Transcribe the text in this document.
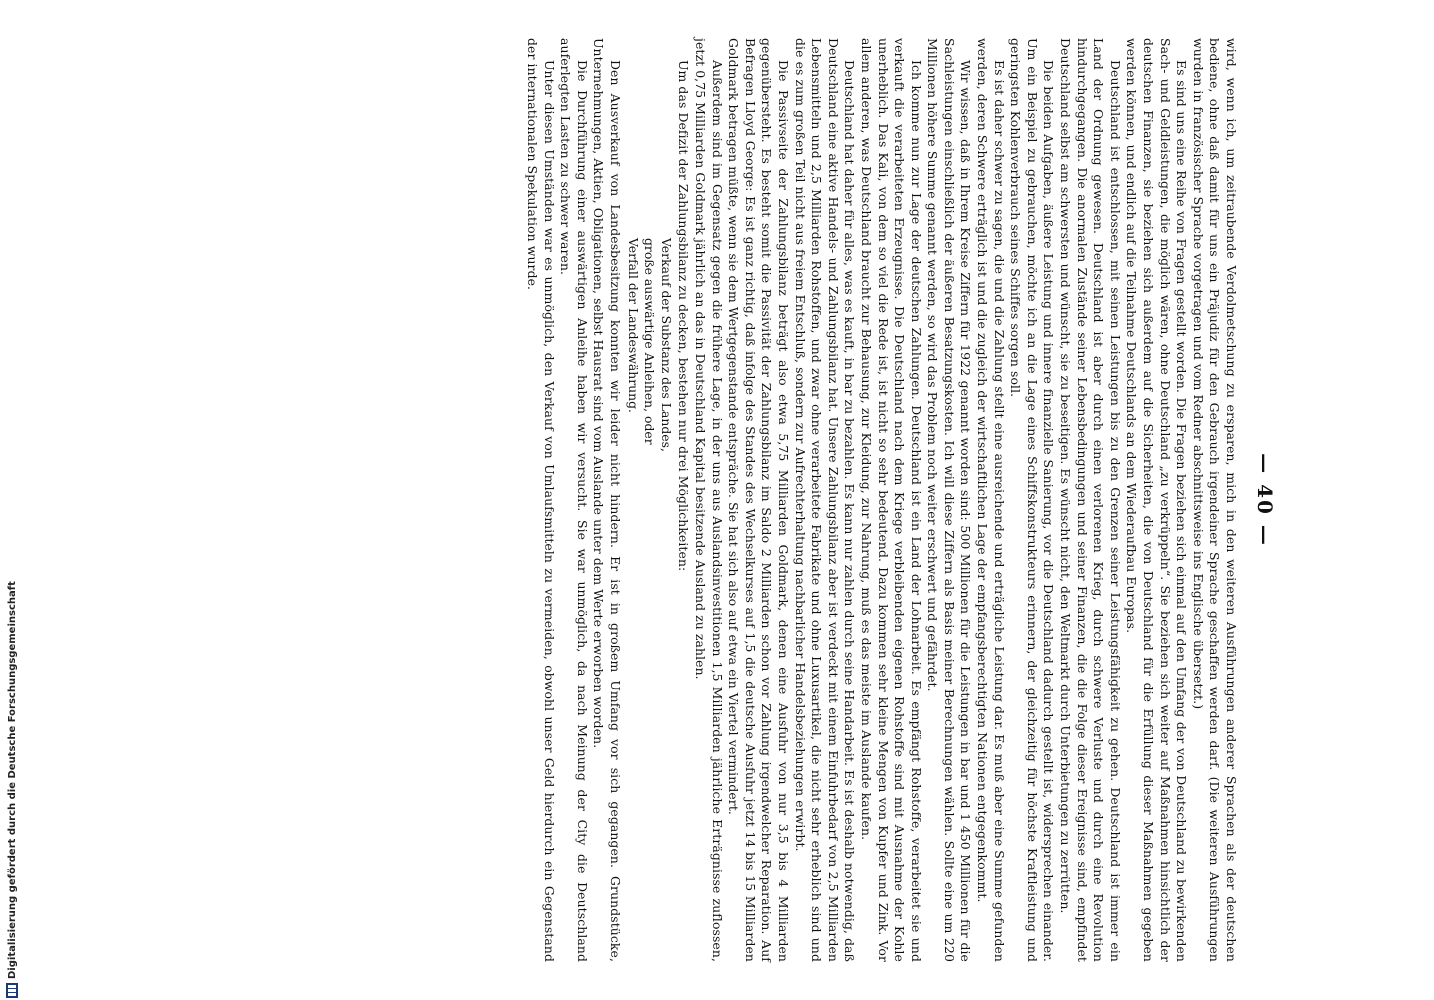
— 40 —

wird, wenn ich, um zeitraubende Verdolmetschung zu ersparen, mich in den weiteren Ausführungen anderer Sprachen als der deutschen bediene, ohne daß damit für uns ein Präjudiz für den Gebrauch irgendeiner Sprache geschaffen werden darf. (Die weiteren Ausführungen wurden in französischer Sprache vorgetragen und vom Redner abschnittsweise ins Englische übersetzt.)

Es sind uns eine Reihe von Fragen gestellt worden. Die Fragen beziehen sich einmal auf den Umfang der von Deutschland zu bewirkenden Sach- und Geldleistungen, die möglich wären, ohne Deutschland „zu verkrüppeln“. Sie beziehen sich weiter auf Maßnahmen hinsichtlich der deutschen Finanzen, sie beziehen sich außerdem auf die Sicherheiten, die von Deutschland für die Erfüllung dieser Maßnahmen gegeben werden können, und endlich auf die Teilnahme Deutschlands an dem Wiederaufbau Europas.

Deutschland ist entschlossen, mit seinen Leistungen bis zu den Grenzen seiner Leistungsfähigkeit zu gehen. Deutschland ist immer ein Land der Ordnung gewesen. Deutschland ist aber durch einen verlorenen Krieg, durch schwere Verluste und durch eine Revolution hindurchgegangen. Die anormalen Zustände seiner Lebensbedingungen und seiner Finanzen, die die Folge dieser Ereignisse sind, empfindet Deutschland selbst am schwersten und wünscht, sie zu beseitigen. Es wünscht nicht, den Weltmarkt durch Unterbietungen zu zerrütten.

Die beiden Aufgaben, äußere Leistung und innere finanzielle Sanierung, vor die Deutschland dadurch gestellt ist, widersprechen einander. Um ein Beispiel zu gebrauchen, möchte ich an die Lage eines Schiffskonstrukteurs erinnern, der gleichzeitig für höchste Kraftleistung und geringsten Kohlenverbrauch seines Schiffes sorgen soll.

Es ist daher schwer zu sagen, die und die Zahlung stellt eine ausreichende und erträgliche Leistung dar. Es muß aber eine Summe gefunden werden, deren Schwere erträglich ist und die zugleich der wirtschaftlichen Lage der empfangsberechtigten Nationen entgegenkommt.

Wir wissen, daß in Ihrem Kreise Ziffern für 1922 genannt worden sind: 500 Millionen für die Leistungen in bar und 1 450 Millionen für die Sachleistungen einschließlich der äußeren Besatzungskosten. Ich will diese Ziffern als Basis meiner Berechnungen wählen. Sollte eine um 220 Millionen höhere Summe genannt werden, so wird das Problem noch weiter erschwert und gefährdet.

Ich komme nun zur Lage der deutschen Zahlungen. Deutschland ist ein Land der Lohnarbeit. Es empfängt Rohstoffe, verarbeitet sie und verkauft die verarbeiteten Erzeugnisse. Die Deutschland nach dem Kriege verbleibenden eigenen Rohstoffe sind mit Ausnahme der Kohle unerheblich. Das Kali, von dem so viel die Rede ist, ist nicht so sehr bedeutend. Dazu kommen sehr kleine Mengen von Kupfer und Zink. Vor allem anderen, was Deutschland braucht zur Behausung, zur Kleidung, zur Nahrung, muß es das meiste im Auslande kaufen.

Deutschland hat daher für alles, was es kauft, in bar zu bezahlen. Es kann nur zahlen durch seine Handarbeit. Es ist deshalb notwendig, daß Deutschland eine aktive Handels- und Zahlungsbilanz hat. Unsere Zahlungsbilanz aber ist verdeckt mit einem Einfuhrbedarf von 2,5 Milliarden Lebensmitteln und 2,5 Milliarden Rohstoffen, und zwar ohne verarbeitete Fabrikate und ohne Luxusartikel, die nicht sehr erheblich sind und die es zum großen Teil nicht aus freiem Entschluß, sondern zur Aufrechterhaltung nachbarlicher Handelsbeziehungen erwirbt.

Die Passivseite der Zahlungsbilanz beträgt also etwa 5,75 Milliarden Goldmark, denen eine Ausfuhr von nur 3,5 bis 4 Milliarden gegenübersteht. Es besteht somit die Passivität der Zahlungsbilanz im Saldo 2 Milliarden schon vor Zahlung irgendwelcher Reparation. Auf Befragen Lloyd George: Es ist ganz richtig, daß infolge des Standes des Wechselkurses auf 1,5 die deutsche Ausfuhr jetzt 14 bis 15 Milliarden Goldmark betragen müßte, wenn sie dem Wertgegenstande entspräche. Sie hat sich also auf etwa ein Viertel vermindert.

Außerdem sind im Gegensatz gegen die frühere Lage, in der uns aus Auslandsinvestitionen 1,5 Milliarden jährliche Erträgnisse zuflossen, jetzt 0,75 Milliarden Goldmark jährlich an das in Deutschland Kapital besitzende Ausland zu zahlen.

Um das Defizit der Zahlungsbilanz zu decken, bestehen nur drei Möglichkeiten:

Verkauf der Substanz des Landes,
große auswärtige Anleihen, oder
Verfall der Landeswährung.

Den Ausverkauf von Landesbesitzung konnten wir leider nicht hindern. Er ist in großem Umfang vor sich gegangen. Grundstücke, Unternehmungen, Aktien, Obligationen, selbst Hausrat sind vom Auslande unter dem Werte erworben worden.

Die Durchführung einer auswärtigen Anleihe haben wir versucht. Sie war unmöglich, da nach Meinung der City die Deutschland auferlegten Lasten zu schwer waren.

Unter diesen Umständen war es unmöglich, den Verkauf von Umlaufsmitteln zu vermeiden, obwohl unser Geld hierdurch ein Gegenstand der internationalen Spekulation wurde.

Digitalisierung gefördert durch die Deutsche Forschungsgemeinschaft
